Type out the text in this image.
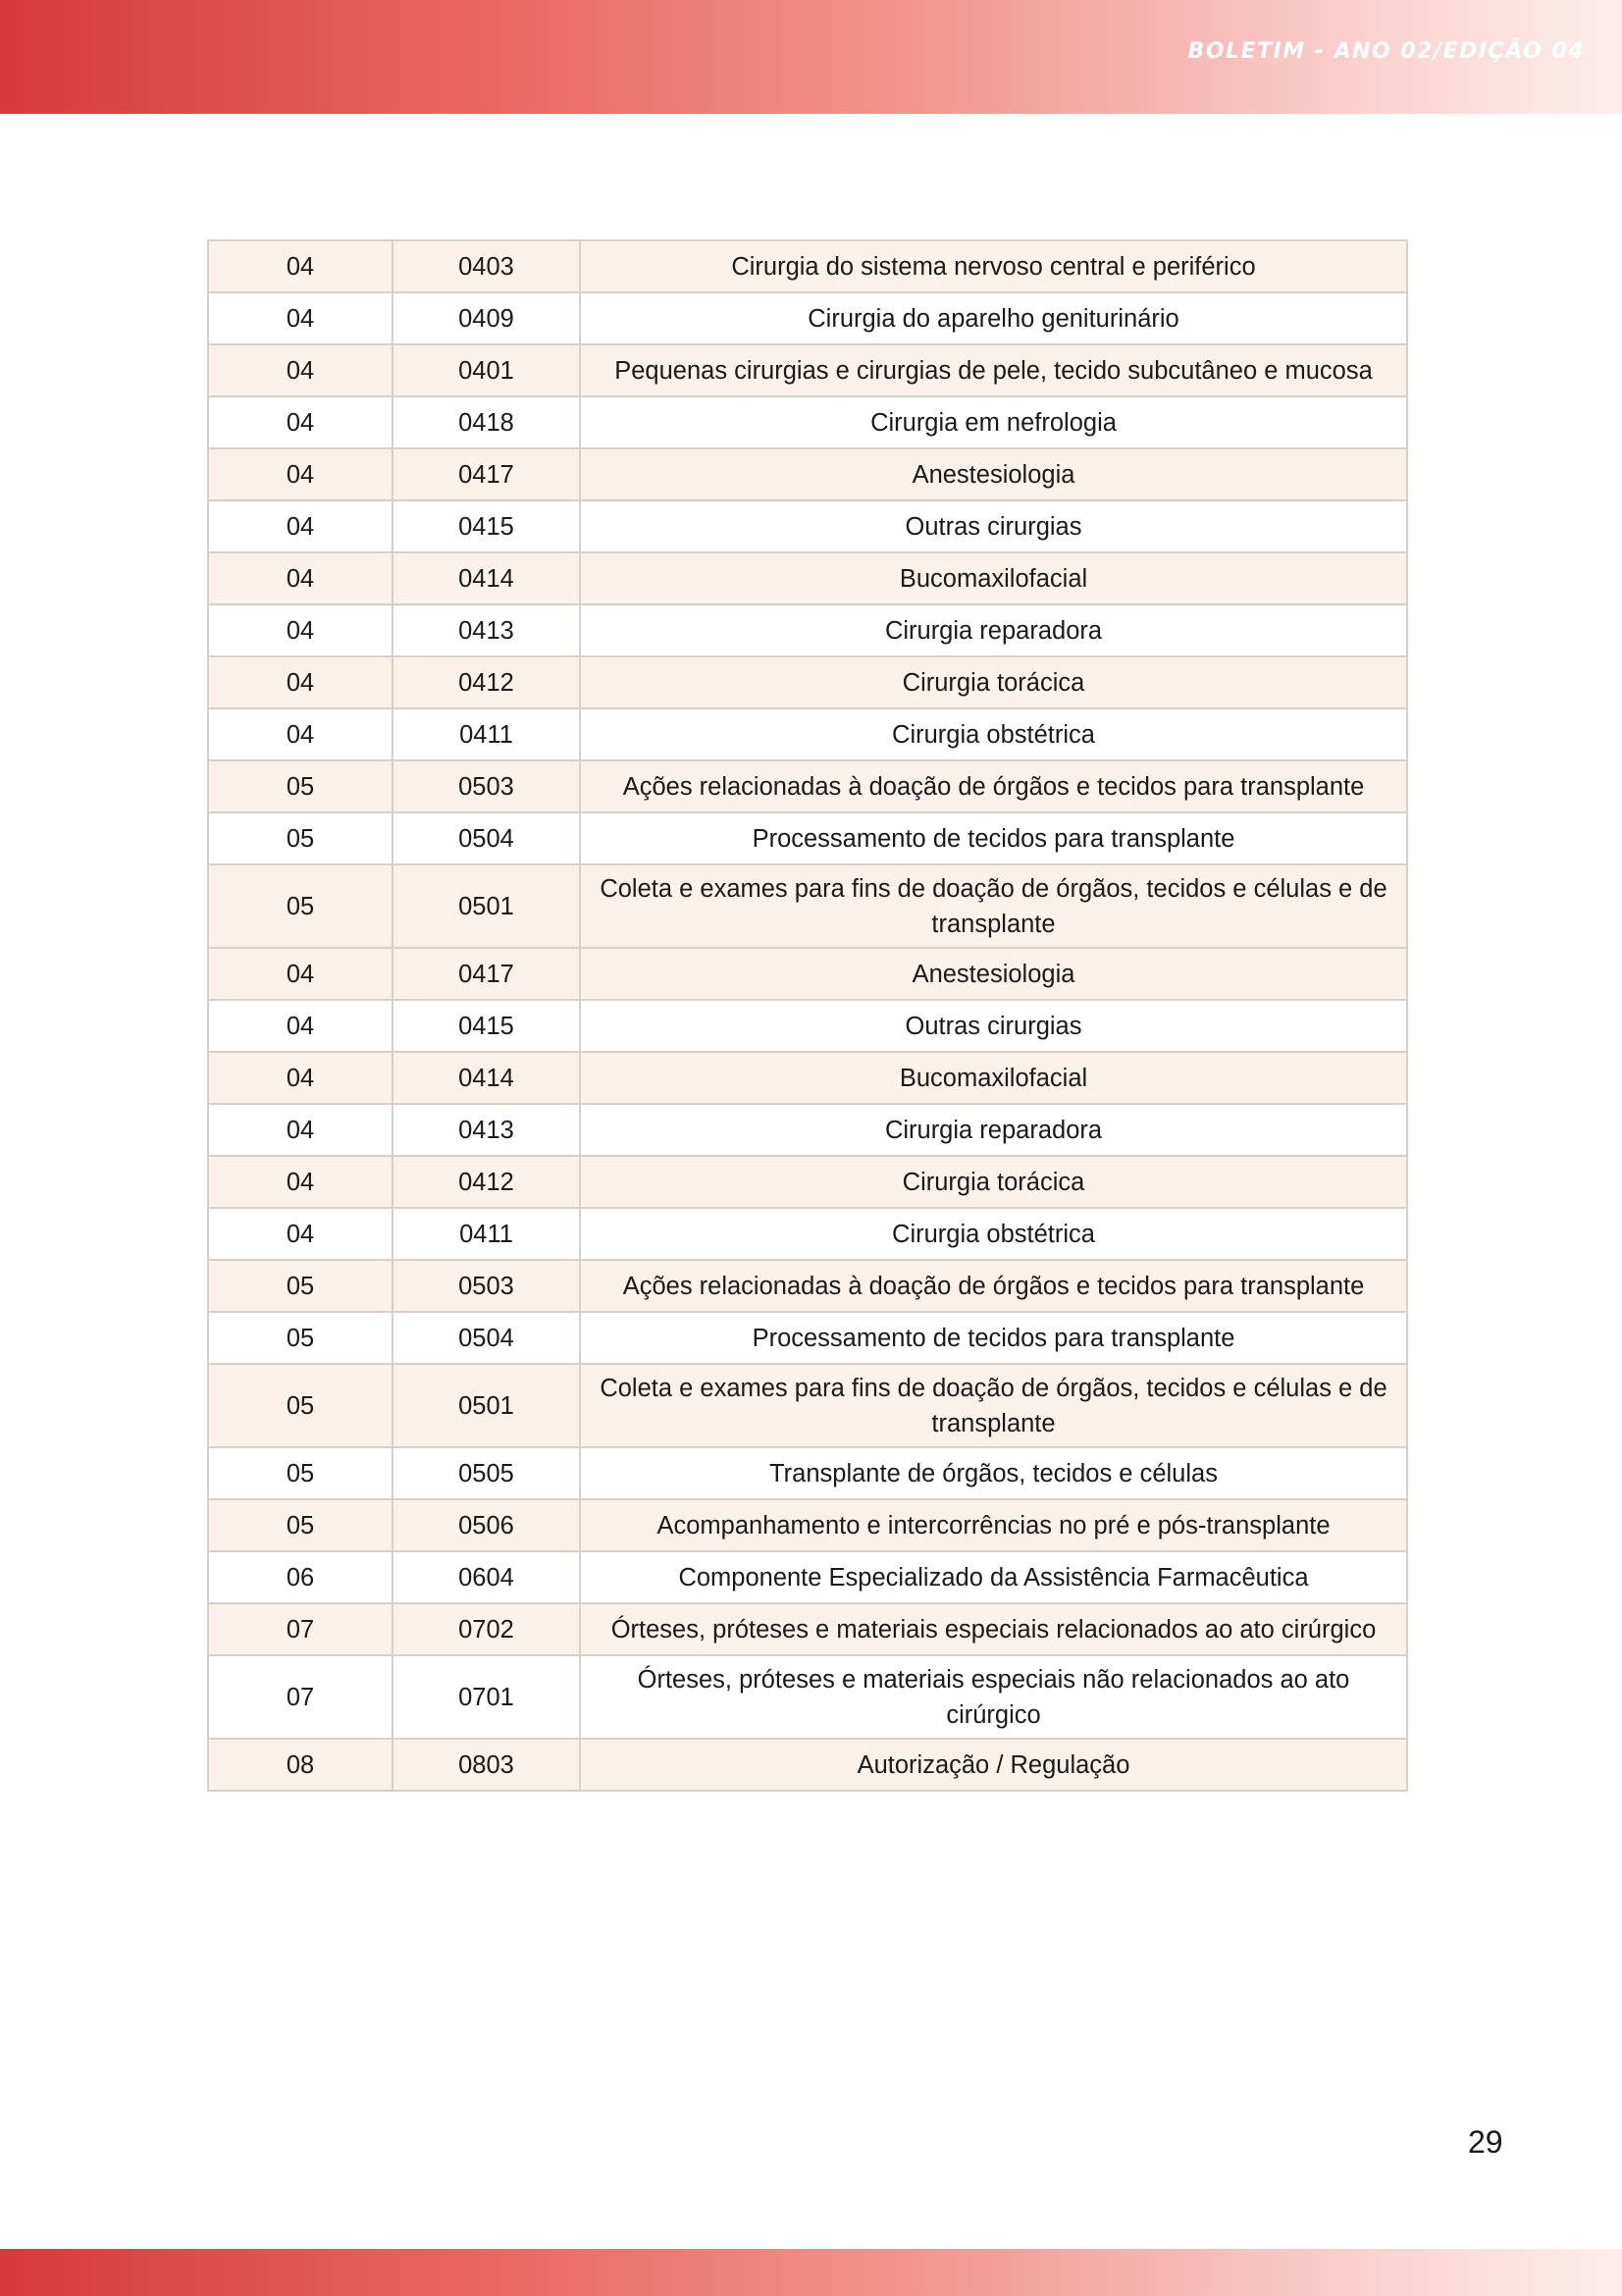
BOLETIM - ANO 02/EDIÇÃO 04
04	0403	Cirurgia do sistema nervoso central e periférico
04	0409	Cirurgia do aparelho geniturinário
04	0401	Pequenas cirurgias e cirurgias de pele, tecido subcutâneo e mucosa
04	0418	Cirurgia em nefrologia
04	0417	Anestesiologia
04	0415	Outras cirurgias
04	0414	Bucomaxilofacial
04	0413	Cirurgia reparadora
04	0412	Cirurgia torácica
04	0411	Cirurgia obstétrica
05	0503	Ações relacionadas à doação de órgãos e tecidos para transplante
05	0504	Processamento de tecidos para transplante
05	0501	Coleta e exames para fins de doação de órgãos, tecidos e células e de transplante
04	0417	Anestesiologia
04	0415	Outras cirurgias
04	0414	Bucomaxilofacial
04	0413	Cirurgia reparadora
04	0412	Cirurgia torácica
04	0411	Cirurgia obstétrica
05	0503	Ações relacionadas à doação de órgãos e tecidos para transplante
05	0504	Processamento de tecidos para transplante
05	0501	Coleta e exames para fins de doação de órgãos, tecidos e células e de transplante
05	0505	Transplante de órgãos, tecidos e células
05	0506	Acompanhamento e intercorrências no pré e pós-transplante
06	0604	Componente Especializado da Assistência Farmacêutica
07	0702	Órteses, próteses e materiais especiais relacionados ao ato cirúrgico
07	0701	Órteses, próteses e materiais especiais não relacionados ao ato cirúrgico
08	0803	Autorização / Regulação
29
